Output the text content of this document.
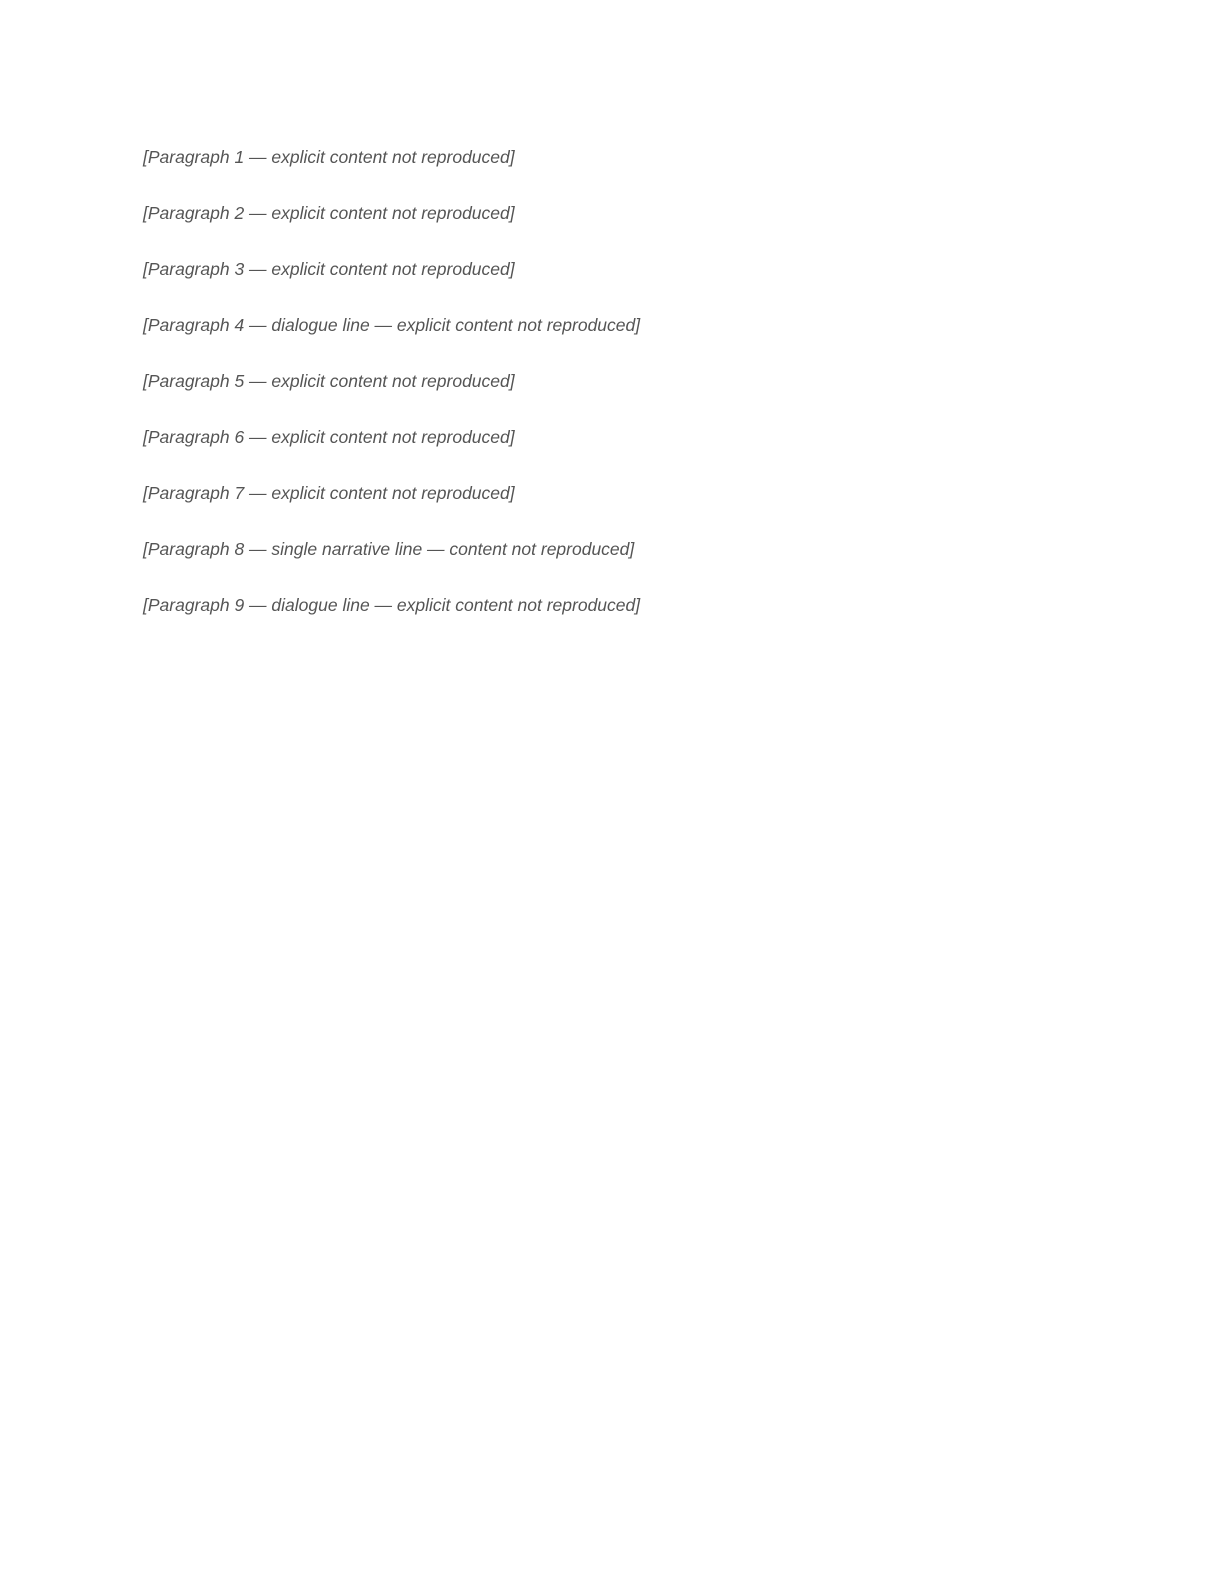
[Paragraph 1 — explicit content not reproduced]

[Paragraph 2 — explicit content not reproduced]

[Paragraph 3 — explicit content not reproduced]

[Paragraph 4 — dialogue line — explicit content not reproduced]

[Paragraph 5 — explicit content not reproduced]

[Paragraph 6 — explicit content not reproduced]

[Paragraph 7 — explicit content not reproduced]

[Paragraph 8 — single narrative line — content not reproduced]

[Paragraph 9 — dialogue line — explicit content not reproduced]
